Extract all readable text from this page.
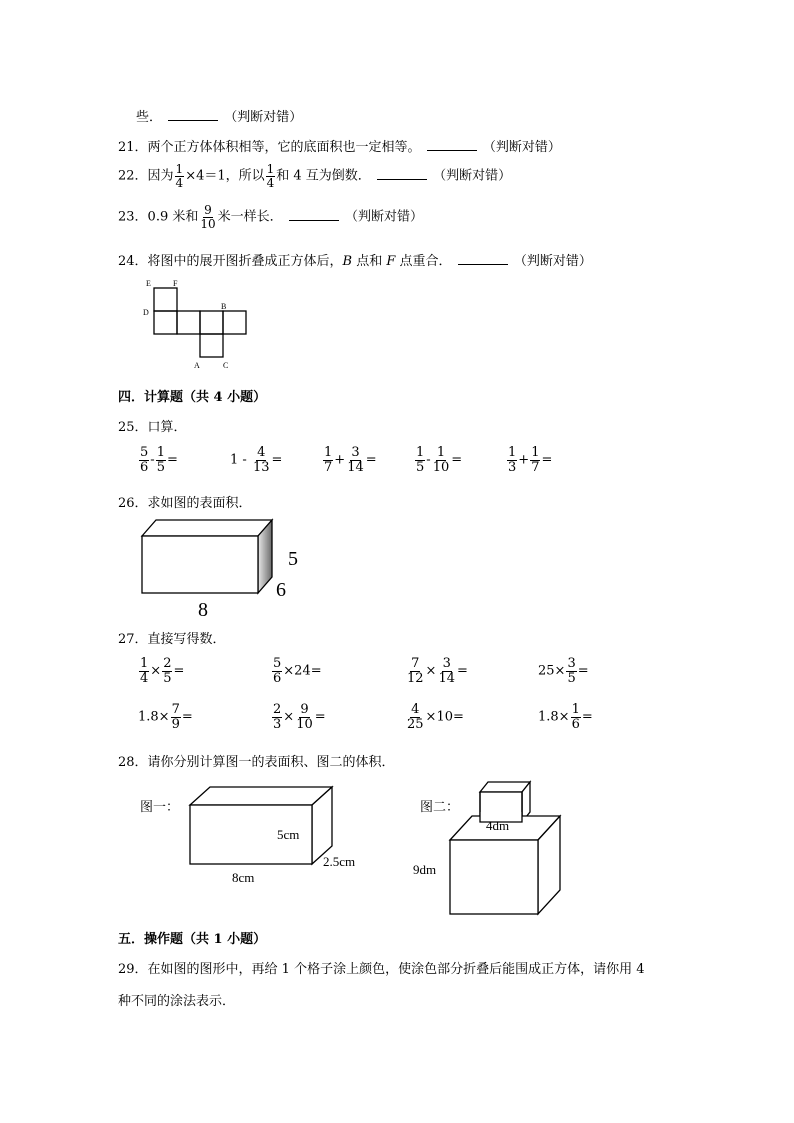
些．	（判断对错）
21．两个正方体体积相等，它的底面积也一定相等。	（判断对错）
22．因为 $\frac{1}{4} \times 4=1$，所以 $\frac{1}{4}$ 和 4 互为倒数．	（判断对错）
23．0.9 米和 $\frac{9}{10}$ 米一样长．	（判断对错）
24．将图中的展开图折叠成正方体后，B 点和 F 点重合．	（判断对错）
E	F
D
B
A	C
四．计算题（共 4 小题）
25．口算．
$\frac{5}{6} - \frac{1}{5}$ =	$1 - \frac{4}{13}$ =	$\frac{1}{7} + \frac{3}{14}$ =	$\frac{1}{5} - \frac{1}{10}$ =	$\frac{1}{3} + \frac{1}{7}$ =
26．求如图的表面积．
5
6
8
27．直接写得数．
$\frac{1}{4} \times \frac{2}{5}$ =	$\frac{5}{6} \times 24=$	$\frac{7}{12} \times \frac{3}{14}$ =	$25\times \frac{3}{5}$ =
$1.8\times \frac{7}{9}$ =	$\frac{2}{3} \times \frac{9}{10}$ =	$\frac{4}{25} \times 10=$	$1.8\times \frac{1}{6}$ =
28．请你分别计算图一的表面积、图二的体积．
图一：
5cm
2.5cm
8cm
图二：
4dm
9dm
五．操作题（共 1 小题）
29．在如图的图形中，再给 1 个格子涂上颜色，使涂色部分折叠后能围成正方体，请你用 4
种不同的涂法表示．
